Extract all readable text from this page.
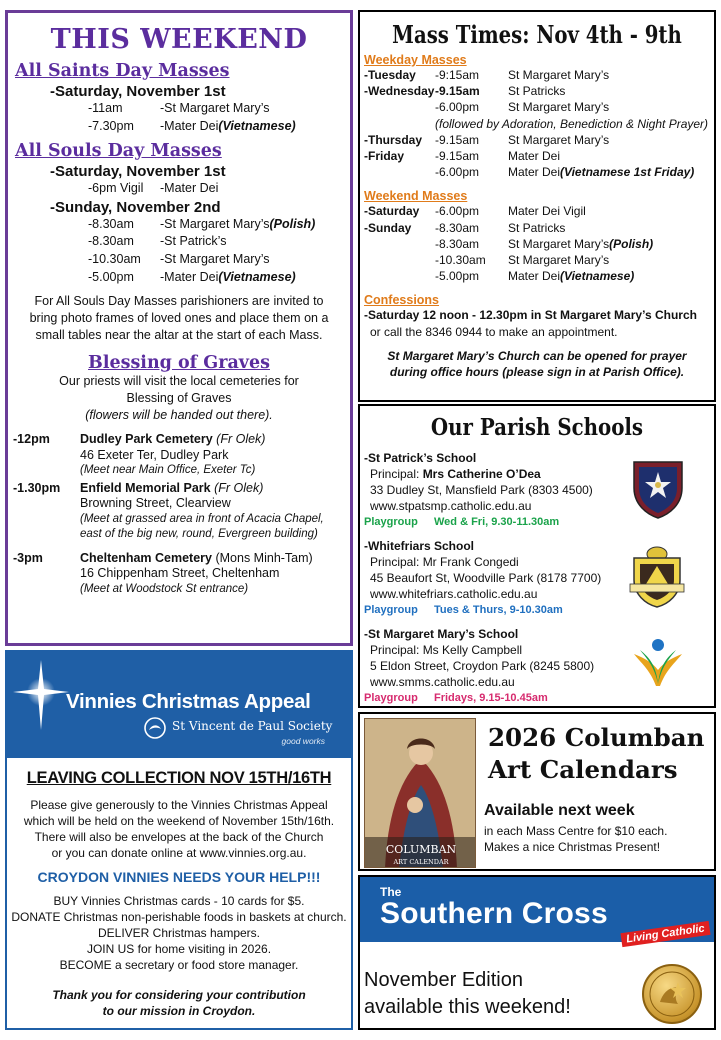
THIS WEEKEND
All Saints Day Masses
-Saturday, November 1st
-11am	-St Margaret Mary’s
-7.30pm	-Mater Dei (Vietnamese)
All Souls Day Masses
-Saturday, November 1st
-6pm Vigil	-Mater Dei
-Sunday, November 2nd
-8.30am	-St Margaret Mary’s (Polish)
-8.30am	-St Patrick’s
-10.30am	-St Margaret Mary’s
-5.00pm	-Mater Dei (Vietnamese)
For All Souls Day Masses parishioners are invited to bring photo frames of loved ones and place them on a small tables near the altar at the start of each Mass.
Blessing of Graves
Our priests will visit the local cemeteries for
Blessing of Graves
(flowers will be handed out there).
-12pm	Dudley Park Cemetery (Fr Olek)
46 Exeter Ter, Dudley Park
(Meet near Main Office, Exeter Tc)
-1.30pm	Enfield Memorial Park (Fr Olek)
Browning Street, Clearview
(Meet at grassed area in front of Acacia Chapel, east of the big new, round, Evergreen building)
-3pm	Cheltenham Cemetery (Mons Minh-Tam)
16 Chippenham Street, Cheltenham
(Meet at Woodstock St entrance)
Mass Times: Nov 4th - 9th
Weekday Masses
-Tuesday	-9:15am	St Margaret Mary’s
-Wednesday -9.15am	St Patricks
-6.00pm	St Margaret Mary’s
(followed by Adoration, Benediction & Night Prayer)
-Thursday	-9.15am	St Margaret Mary’s
-Friday	-9.15am	Mater Dei
-6.00pm	Mater Dei (Vietnamese 1st Friday)
Weekend Masses
-Saturday	-6.00pm	Mater Dei Vigil
-Sunday	-8.30am	St Patricks
-8.30am	St Margaret Mary’s (Polish)
-10.30am	St Margaret Mary’s
-5.00pm	Mater Dei (Vietnamese)
Confessions
-Saturday 12 noon - 12.30pm in St Margaret Mary’s Church
or call the 8346 0944 to make an appointment.
St Margaret Mary’s Church can be opened for prayer during office hours (please sign in at Parish Office).
Our Parish Schools
-St Patrick’s School
Principal: Mrs Catherine O’Dea
33 Dudley St, Mansfield Park (8303 4500)
www.stpatsmp.catholic.edu.au
Playgroup	Wed & Fri, 9.30-11.30am
-Whitefriars School
Principal: Mr Frank Congedi
45 Beaufort St, Woodville Park (8178 7700)
www.whitefriars.catholic.edu.au
Playgroup	Tues & Thurs, 9-10.30am
-St Margaret Mary’s School
Principal: Ms Kelly Campbell
5 Eldon Street, Croydon Park (8245 5800)
www.smms.catholic.edu.au
Playgroup	Fridays, 9.15-10.45am
Vinnies Christmas Appeal
St Vincent de Paul Society
good works
LEAVING COLLECTION NOV 15TH/16TH
Please give generously to the Vinnies Christmas Appeal
which will be held on the weekend of November 15th/16th.
There will also be envelopes at the back of the Church
or you can donate online at www.vinnies.org.au.
CROYDON VINNIES NEEDS YOUR HELP!!!
BUY Vinnies Christmas cards - 10 cards for $5.
DONATE Christmas non-perishable foods in baskets at church.
DELIVER Christmas hampers.
JOIN US for home visiting in 2026.
BECOME a secretary or food store manager.
Thank you for considering your contribution
to our mission in Croydon.
COLUMBAN
ART CALENDAR
2026 Columban
Art Calendars
Available next week
in each Mass Centre for $10 each.
Makes a nice Christmas Present!
The
Southern Cross
Living Catholic
November Edition
available this weekend!
